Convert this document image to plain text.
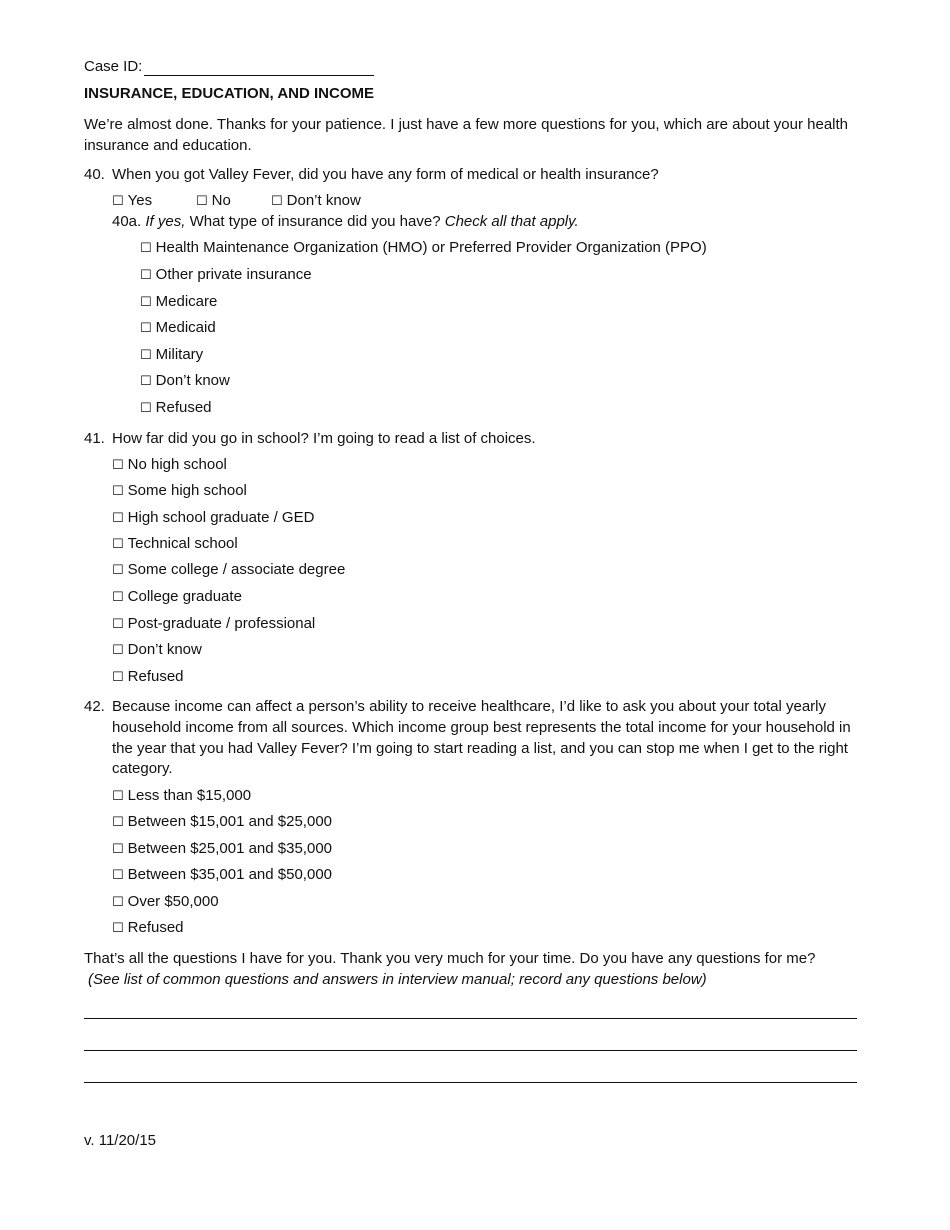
Case ID:
INSURANCE, EDUCATION, AND INCOME
We’re almost done. Thanks for your patience. I just have a few more questions for you, which are about your health insurance and education.
40. When you got Valley Fever, did you have any form of medical or health insurance?
☐ Yes	☐ No	☐ Don’t know
40a. If yes, What type of insurance did you have? Check all that apply.
☐ Health Maintenance Organization (HMO) or Preferred Provider Organization (PPO)
☐ Other private insurance
☐ Medicare
☐ Medicaid
☐ Military
☐ Don’t know
☐ Refused
41. How far did you go in school? I’m going to read a list of choices.
☐ No high school
☐ Some high school
☐ High school graduate / GED
☐ Technical school
☐ Some college / associate degree
☐ College graduate
☐ Post-graduate / professional
☐ Don’t know
☐ Refused
42. Because income can affect a person’s ability to receive healthcare, I’d like to ask you about your total yearly household income from all sources. Which income group best represents the total income for your household in the year that you had Valley Fever? I’m going to start reading a list, and you can stop me when I get to the right category.
☐ Less than $15,000
☐ Between $15,001 and $25,000
☐ Between $25,001 and $35,000
☐ Between $35,001 and $50,000
☐ Over $50,000
☐ Refused
That’s all the questions I have for you. Thank you very much for your time. Do you have any questions for me?
(See list of common questions and answers in interview manual; record any questions below)
v. 11/20/15
